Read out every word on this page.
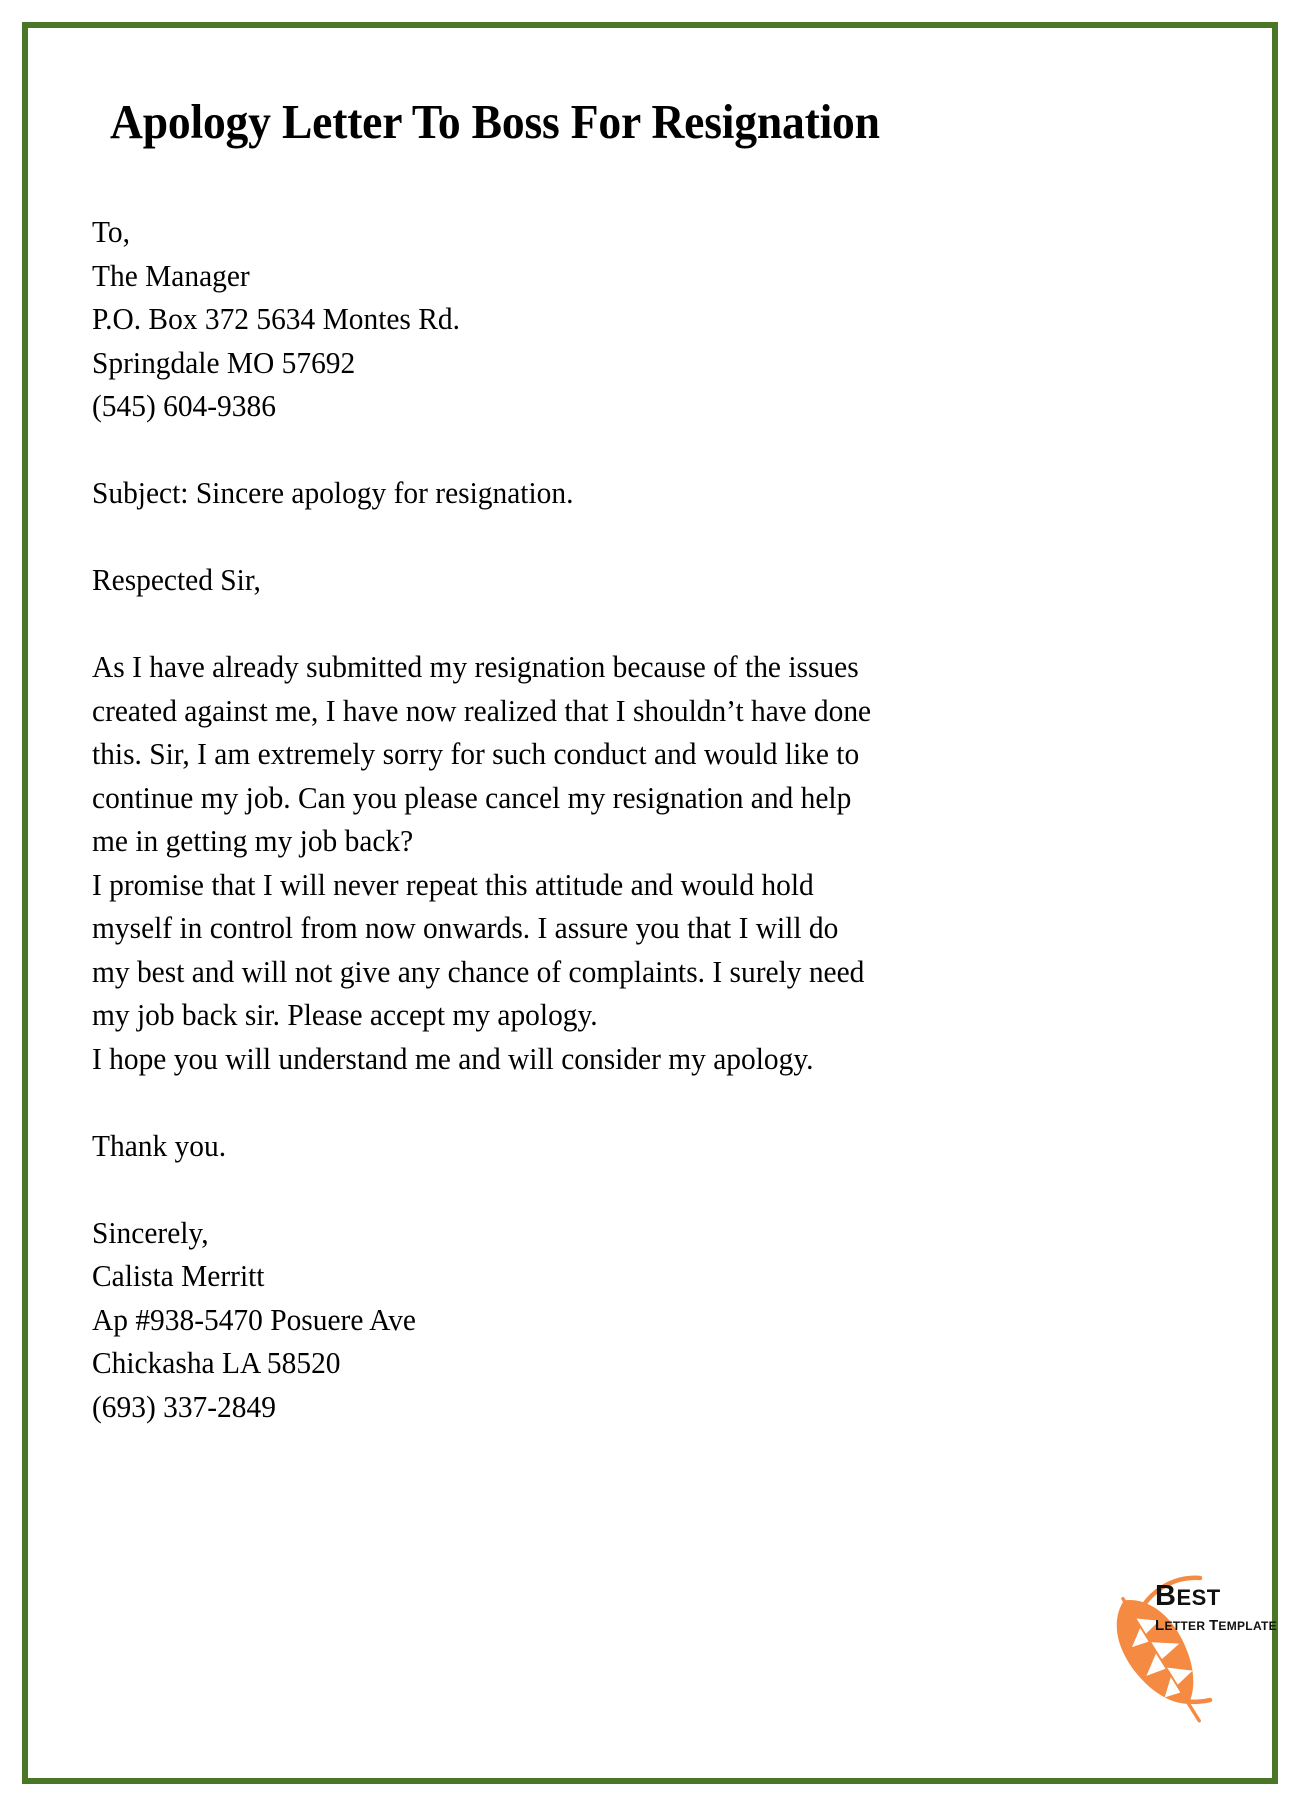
Apology Letter To Boss For Resignation
To,
The Manager
P.O. Box 372 5634 Montes Rd.
Springdale MO 57692
(545) 604-9386
Subject: Sincere apology for resignation.
Respected Sir,
As I have already submitted my resignation because of the issues
created against me, I have now realized that I shouldn’t have done
this. Sir, I am extremely sorry for such conduct and would like to
continue my job. Can you please cancel my resignation and help
me in getting my job back?
I promise that I will never repeat this attitude and would hold
myself in control from now onwards. I assure you that I will do
my best and will not give any chance of complaints. I surely need
my job back sir. Please accept my apology.
I hope you will understand me and will consider my apology.
Thank you.
Sincerely,
Calista Merritt
Ap #938-5470 Posuere Ave
Chickasha LA 58520
(693) 337-2849
BEST
LETTER TEMPLATE
